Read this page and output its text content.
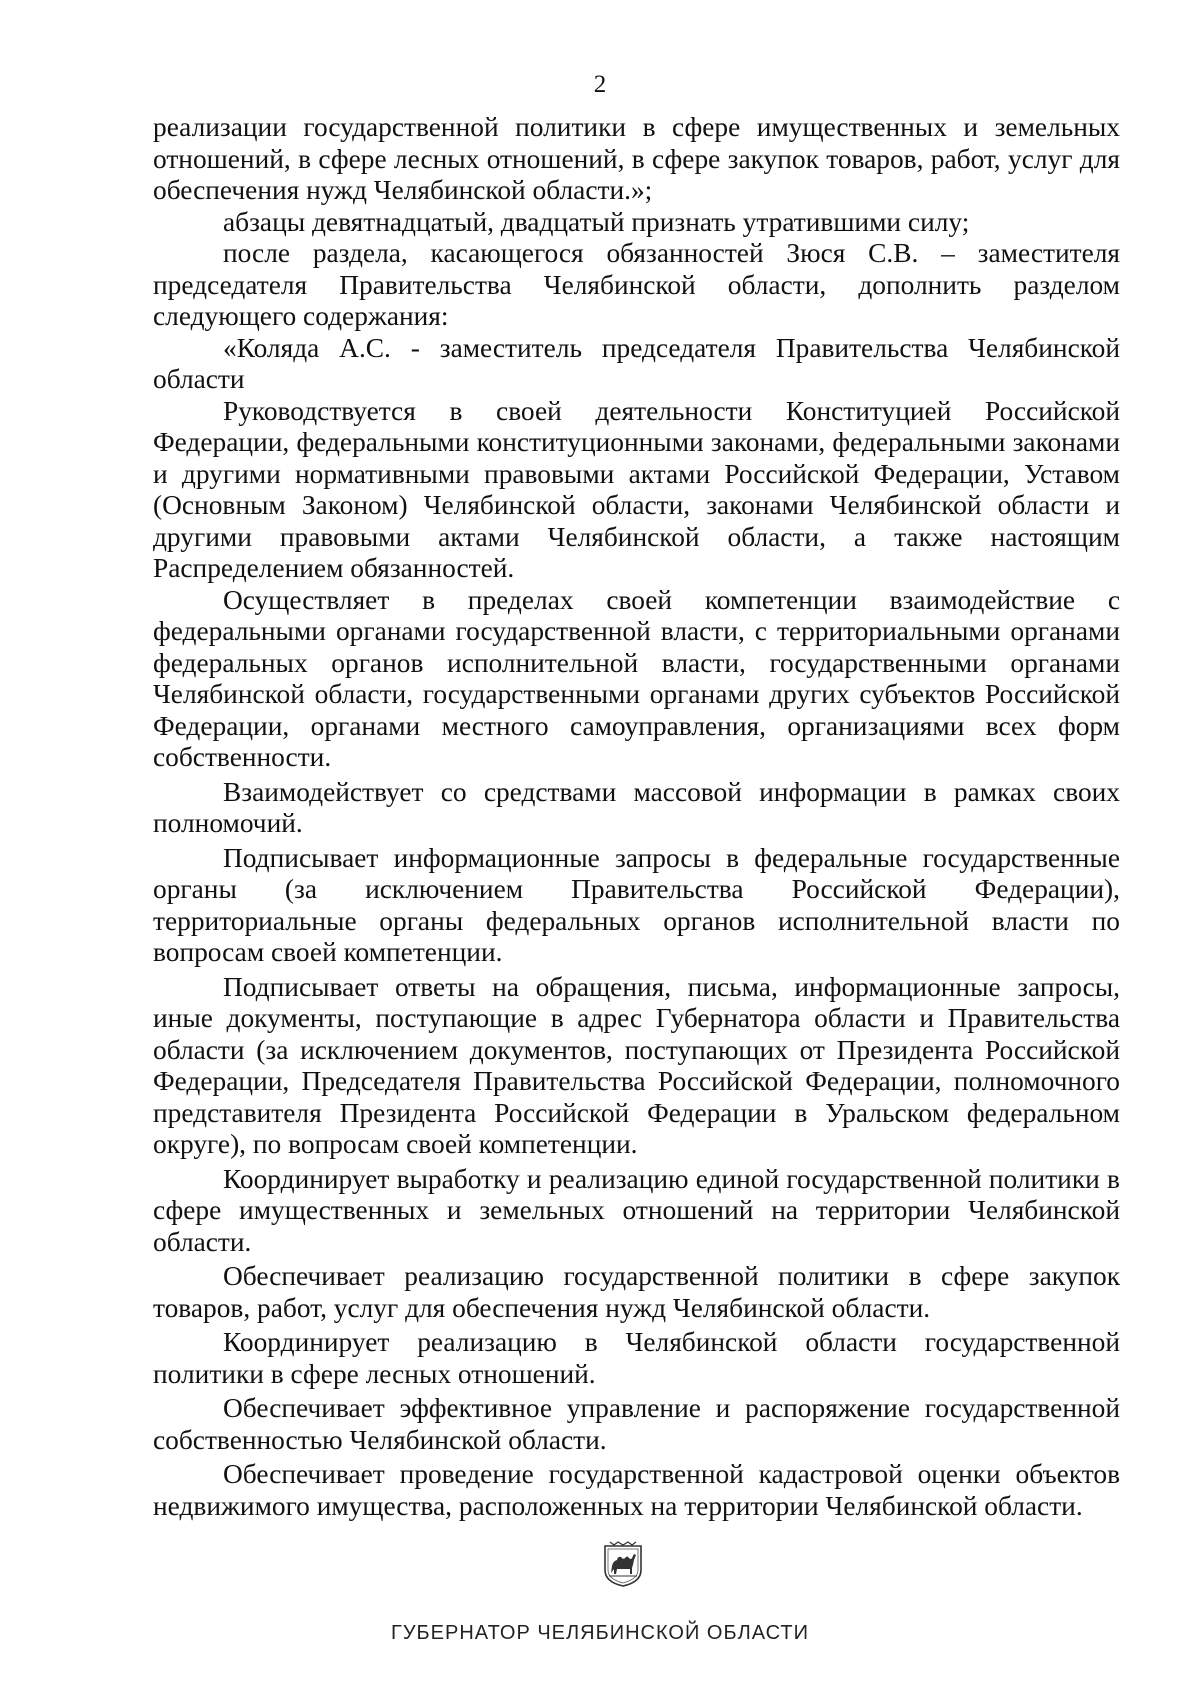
2

реализации государственной политики в сфере имущественных и земельных отношений, в сфере лесных отношений, в сфере закупок товаров, работ, услуг для обеспечения нужд Челябинской области.»;

абзацы девятнадцатый, двадцатый признать утратившими силу;

после раздела, касающегося обязанностей Зюся С.В. – заместителя председателя Правительства Челябинской области, дополнить разделом следующего содержания:

«Коляда А.С. - заместитель председателя Правительства Челябинской области

Руководствуется в своей деятельности Конституцией Российской Федерации, федеральными конституционными законами, федеральными законами и другими нормативными правовыми актами Российской Федерации, Уставом (Основным Законом) Челябинской области, законами Челябинской области и другими правовыми актами Челябинской области, а также настоящим Распределением обязанностей.

Осуществляет в пределах своей компетенции взаимодействие с федеральными органами государственной власти, с территориальными органами федеральных органов исполнительной власти, государственными органами Челябинской области, государственными органами других субъектов Российской Федерации, органами местного самоуправления, организациями всех форм собственности.

Взаимодействует со средствами массовой информации в рамках своих полномочий.

Подписывает информационные запросы в федеральные государственные органы (за исключением Правительства Российской Федерации), территориальные органы федеральных органов исполнительной власти по вопросам своей компетенции.

Подписывает ответы на обращения, письма, информационные запросы, иные документы, поступающие в адрес Губернатора области и Правительства области (за исключением документов, поступающих от Президента Российской Федерации, Председателя Правительства Российской Федерации, полномочного представителя Президента Российской Федерации в Уральском федеральном округе), по вопросам своей компетенции.

Координирует выработку и реализацию единой государственной политики в сфере имущественных и земельных отношений на территории Челябинской области.

Обеспечивает реализацию государственной политики в сфере закупок товаров, работ, услуг для обеспечения нужд Челябинской области.

Координирует реализацию в Челябинской области государственной политики в сфере лесных отношений.

Обеспечивает эффективное управление и распоряжение государственной собственностью Челябинской области.

Обеспечивает проведение государственной кадастровой оценки объектов недвижимого имущества, расположенных на территории Челябинской области.

ГУБЕРНАТОР ЧЕЛЯБИНСКОЙ ОБЛАСТИ
